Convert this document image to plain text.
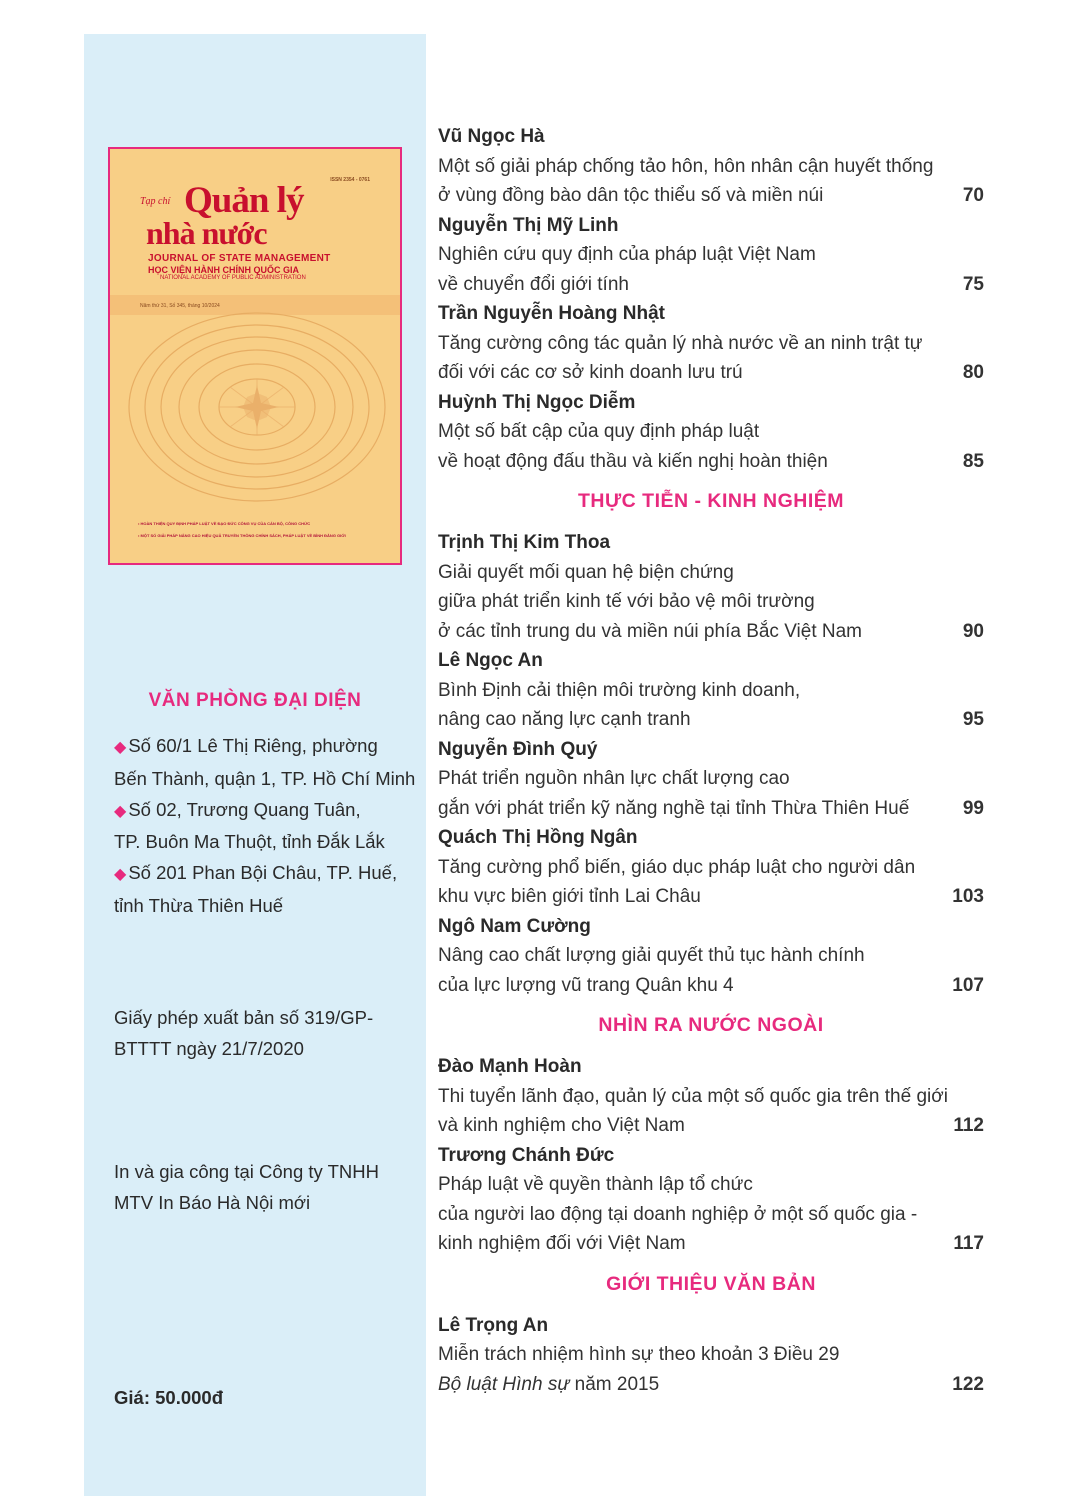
ISSN 2354 - 0761
Tạp chí Quản lý
nhà nước
JOURNAL OF STATE MANAGEMENT
HỌC VIỆN HÀNH CHÍNH QUỐC GIA
NATIONAL ACADEMY OF PUBLIC ADMINISTRATION
Năm thứ 31, Số 345, tháng 10/2024
• HOÀN THIỆN QUY ĐỊNH PHÁP LUẬT VỀ ĐẠO ĐỨC CÔNG VỤ CỦA CÁN BỘ, CÔNG CHỨC
• MỘT SỐ GIẢI PHÁP NÂNG CAO HIỆU QUẢ TRUYỀN THÔNG CHÍNH SÁCH, PHÁP LUẬT VỀ BÌNH ĐẲNG GIỚI
VĂN PHÒNG ĐẠI DIỆN
◆ Số 60/1 Lê Thị Riêng, phường
Bến Thành, quận 1, TP. Hồ Chí Minh
◆ Số 02, Trương Quang Tuân,
TP. Buôn Ma Thuột, tỉnh Đắk Lắk
◆ Số 201 Phan Bội Châu, TP. Huế,
tỉnh Thừa Thiên Huế
Giấy phép xuất bản số 319/GP-
BTTTT ngày 21/7/2020
In và gia công tại Công ty TNHH
MTV In Báo Hà Nội mới
Giá: 50.000đ
Vũ Ngọc Hà
Một số giải pháp chống tảo hôn, hôn nhân cận huyết thống
ở vùng đồng bào dân tộc thiểu số và miền núi	70
Nguyễn Thị Mỹ Linh
Nghiên cứu quy định của pháp luật Việt Nam
về chuyển đổi giới tính	75
Trần Nguyễn Hoàng Nhật
Tăng cường công tác quản lý nhà nước về an ninh trật tự
đối với các cơ sở kinh doanh lưu trú	80
Huỳnh Thị Ngọc Diễm
Một số bất cập của quy định pháp luật
về hoạt động đấu thầu và kiến nghị hoàn thiện	85
THỰC TIỄN - KINH NGHIỆM
Trịnh Thị Kim Thoa
Giải quyết mối quan hệ biện chứng
giữa phát triển kinh tế với bảo vệ môi trường
ở các tỉnh trung du và miền núi phía Bắc Việt Nam	90
Lê Ngọc An
Bình Định cải thiện môi trường kinh doanh,
nâng cao năng lực cạnh tranh	95
Nguyễn Đình Quý
Phát triển nguồn nhân lực chất lượng cao
gắn với phát triển kỹ năng nghề tại tỉnh Thừa Thiên Huế	99
Quách Thị Hồng Ngân
Tăng cường phổ biến, giáo dục pháp luật cho người dân
khu vực biên giới tỉnh Lai Châu	103
Ngô Nam Cường
Nâng cao chất lượng giải quyết thủ tục hành chính
của lực lượng vũ trang Quân khu 4	107
NHÌN RA NƯỚC NGOÀI
Đào Mạnh Hoàn
Thi tuyển lãnh đạo, quản lý của một số quốc gia trên thế giới
và kinh nghiệm cho Việt Nam	112
Trương Chánh Đức
Pháp luật về quyền thành lập tổ chức
của người lao động tại doanh nghiệp ở một số quốc gia -
kinh nghiệm đối với Việt Nam	117
GIỚI THIỆU VĂN BẢN
Lê Trọng An
Miễn trách nhiệm hình sự theo khoản 3 Điều 29
Bộ luật Hình sự năm 2015	122
